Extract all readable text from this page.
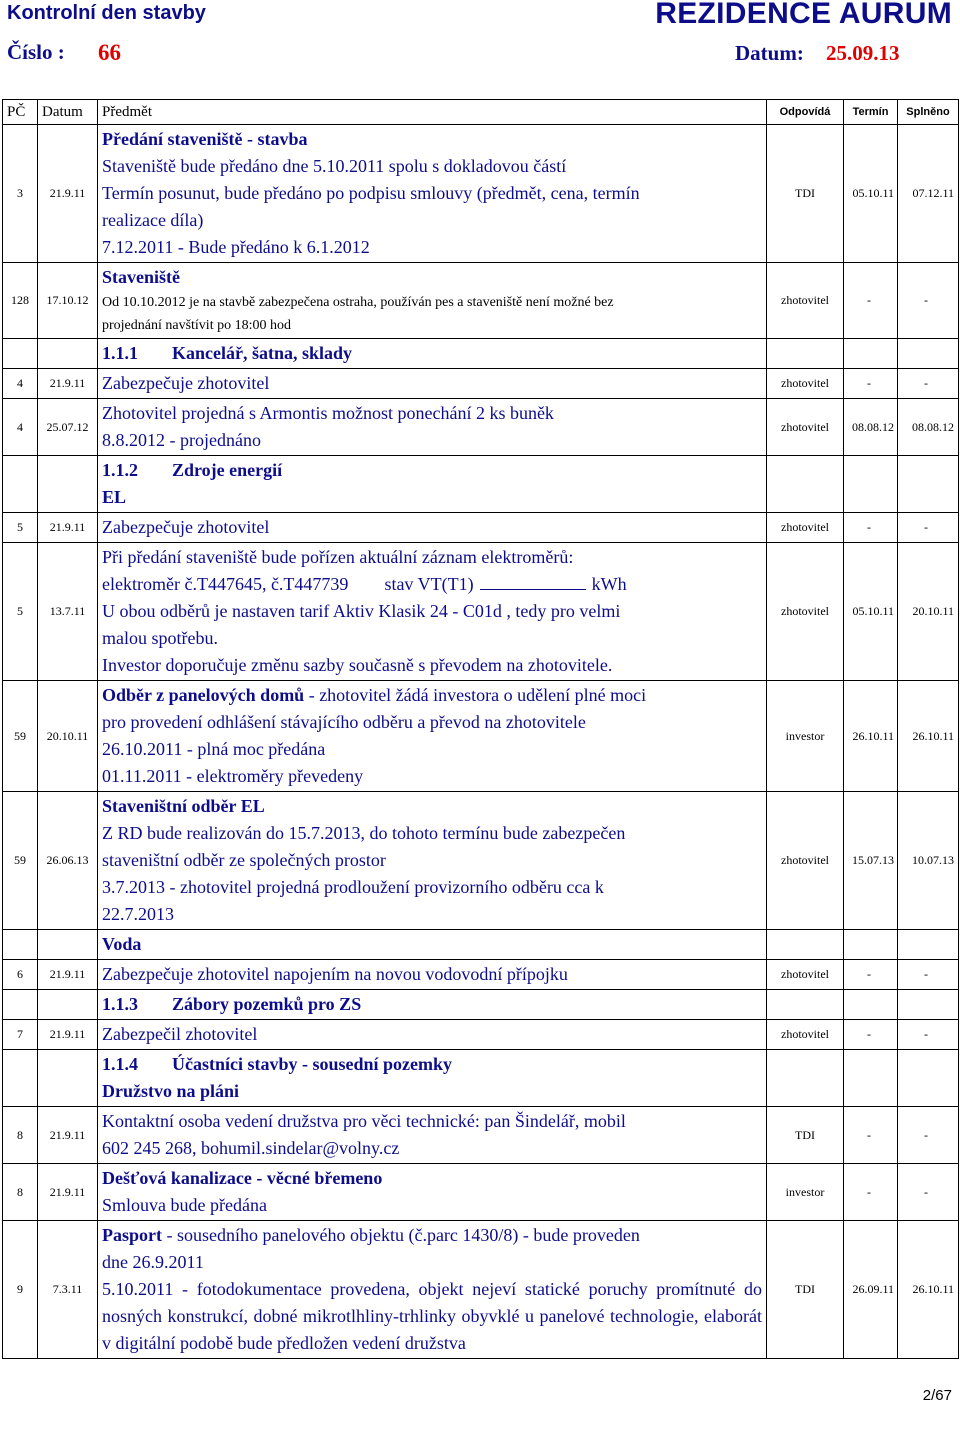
Kontrolní den stavby	REZIDENCE AURUM
Číslo : 66	Datum: 25.09.13
PČ	Datum	Předmět	Odpovídá	Termín	Splněno
3	21.9.11	Předání staveniště - stavba
Staveniště bude předáno dne 5.10.2011 spolu s dokladovou částí
Termín posunut, bude předáno po podpisu smlouvy (předmět, cena, termín
realizace díla)
7.12.2011 - Bude předáno k 6.1.2012	TDI	05.10.11	07.12.11
128	17.10.12	Staveniště
Od 10.10.2012 je na stavbě zabezpečena ostraha, používán pes a staveniště není možné bez
projednání navštívit po 18:00 hod	zhotovitel	-	-

		1.1.1 Kancelář, šatna, sklady			

4	21.9.11	Zabezpečuje zhotovitel	zhotovitel	-	-
4	25.07.12	Zhotovitel projedná s Armontis možnost ponechání 2 ks buněk
8.8.2012 - projednáno	zhotovitel	08.08.12	08.08.12

		1.1.2 Zdroje energií
EL			

5	21.9.11	Zabezpečuje zhotovitel	zhotovitel	-	-
5	13.7.11	Při předání staveniště bude pořízen aktuální záznam elektroměrů:
elektroměr č.T447645, č.T447739 stav VT(T1) kWh
U obou odběrů je nastaven tarif Aktiv Klasik 24 - C01d , tedy pro velmi
malou spotřebu.
Investor doporučuje změnu sazby současně s převodem na zhotovitele.	zhotovitel	05.10.11	20.10.11
59	20.10.11	Odběr z panelových domů - zhotovitel žádá investora o udělení plné moci
pro provedení odhlášení stávajícího odběru a převod na zhotovitele
26.10.2011 - plná moc předána
01.11.2011 - elektroměry převedeny	investor	26.10.11	26.10.11
59	26.06.13	Staveništní odběr EL
Z RD bude realizován do 15.7.2013, do tohoto termínu bude zabezpečen
staveništní odběr ze společných prostor
3.7.2013 - zhotovitel projedná prodloužení provizorního odběru cca k
22.7.2013	zhotovitel	15.07.13	10.07.13

		Voda			

6	21.9.11	Zabezpečuje zhotovitel napojením na novou vodovodní přípojku	zhotovitel	-	-

		1.1.3 Zábory pozemků pro ZS			

7	21.9.11	Zabezpečil zhotovitel	zhotovitel	-	-

		1.1.4 Účastníci stavby - sousední pozemky
Družstvo na pláni			

8	21.9.11	Kontaktní osoba vedení družstva pro věci technické: pan Šindelář, mobil
602 245 268, bohumil.sindelar@volny.cz	TDI	-	-
8	21.9.11	Dešťová kanalizace - věcné břemeno
Smlouva bude předána	investor	-	-
9	7.3.11	Pasport - sousedního panelového objektu (č.parc 1430/8) - bude proveden
dne 26.9.2011
5.10.2011 - fotodokumentace provedena, objekt nejeví statické poruchy promítnuté do nosných konstrukcí, dobné mikrotlhliny-trhlinky obyvklé u panelové technologie, elaborát v digitální podobě bude předložen vedení družstva	TDI	26.09.11	26.10.11
2/67
